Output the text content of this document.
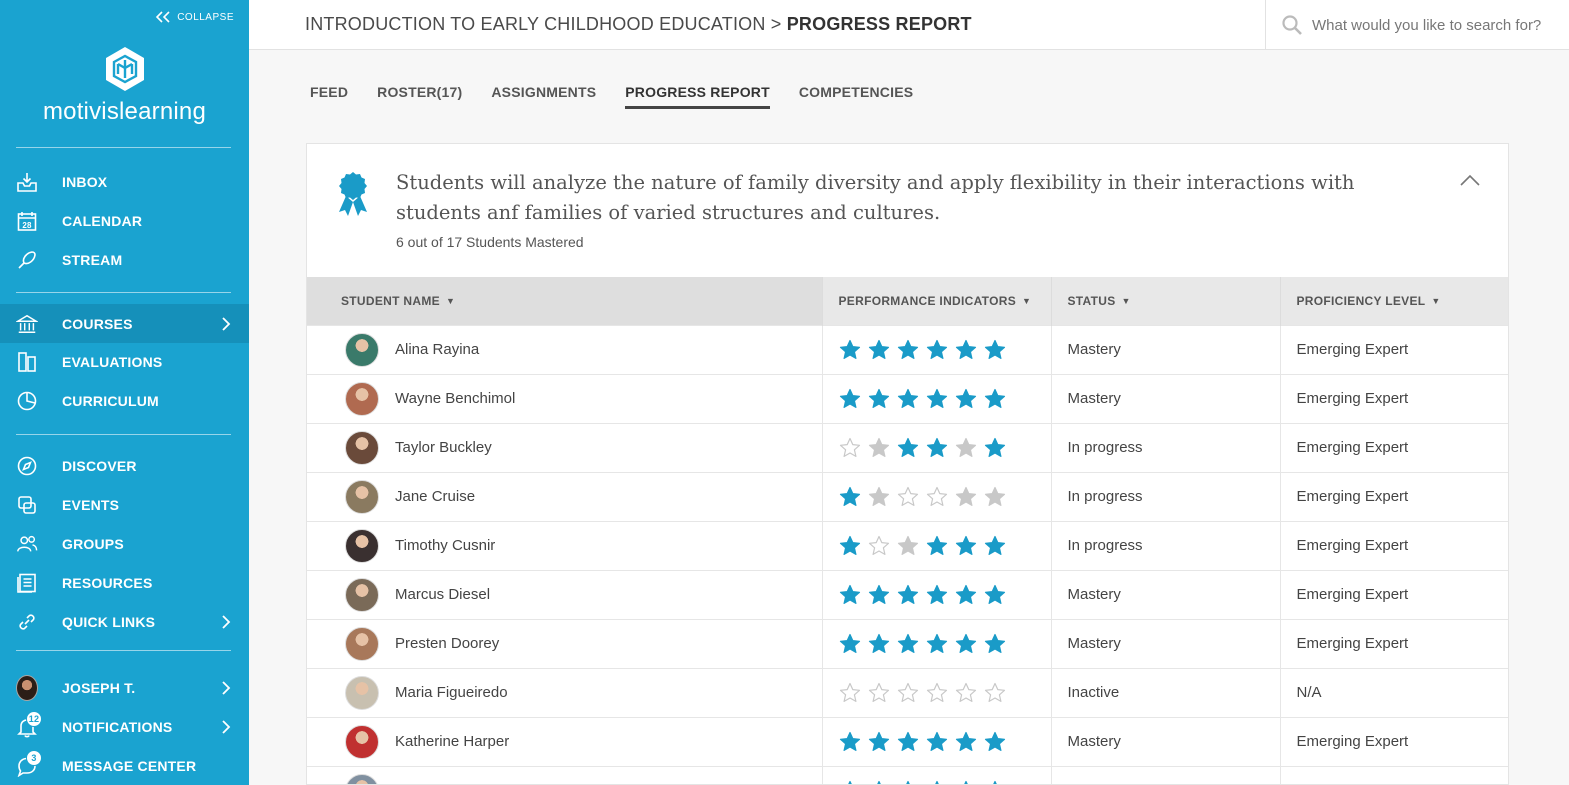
COLLAPSE
motivislearning
INBOX
28 CALENDAR
STREAM
COURSES
EVALUATIONS
CURRICULUM
DISCOVER
EVENTS
GROUPS
RESOURCES
QUICK LINKS
JOSEPH T.
12 NOTIFICATIONS
3	MESSAGE CENTER
INTRODUCTION TO EARLY CHILDHOOD EDUCATION > PROGRESS REPORT
What would you like to search for?
FEED ROSTER(17) ASSIGNMENTS PROGRESS REPORT COMPETENCIES
Students will analyze the nature of family diversity and apply flexibility in their interactions with students anf families of varied structures and cultures.
6 out of 17 Students Mastered
STUDENT NAME ▼	PERFORMANCE INDICATORS ▼	STATUS ▼	PROFICIENCY LEVEL ▼

Alina Rayina		Mastery	Emerging Expert

Wayne Benchimol		Mastery	Emerging Expert

Taylor Buckley		In progress	Emerging Expert

Jane Cruise		In progress	Emerging Expert

Timothy Cusnir		In progress	Emerging Expert

Marcus Diesel		Mastery	Emerging Expert

Presten Doorey		Mastery	Emerging Expert

Maria Figueiredo		Inactive	N/A

Katherine Harper		Mastery	Emerging Expert
